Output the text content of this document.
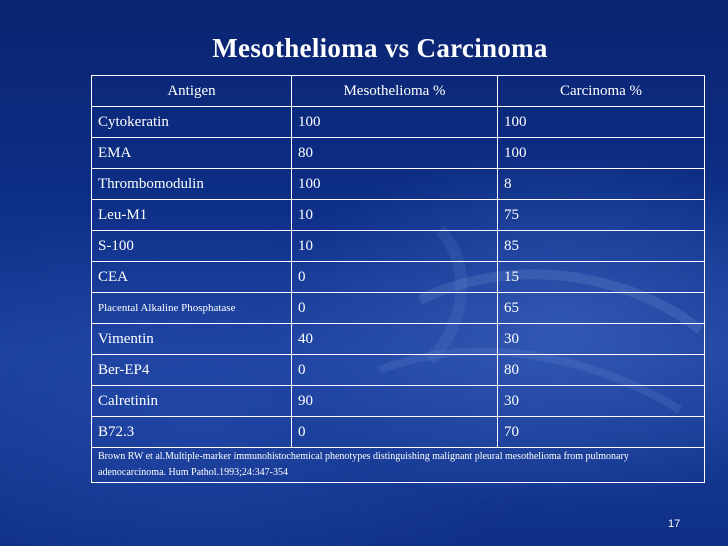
Mesothelioma vs Carcinoma
Antigen	Mesothelioma %	Carcinoma %
Cytokeratin	100	100
EMA	80	100
Thrombomodulin	100	8
Leu-M1	10	75
S-100	10	85
CEA	0	15
Placental Alkaline Phosphatase	0	65
Vimentin	40	30
Ber-EP4	0	80
Calretinin	90	30
B72.3	0	70
Brown RW et al.Multiple-marker immunohistochemical phenotypes distinguishing malignant pleural mesothelioma from pulmonary adenocarcinoma. Hum Pathol.1993;24:347-354		
17
